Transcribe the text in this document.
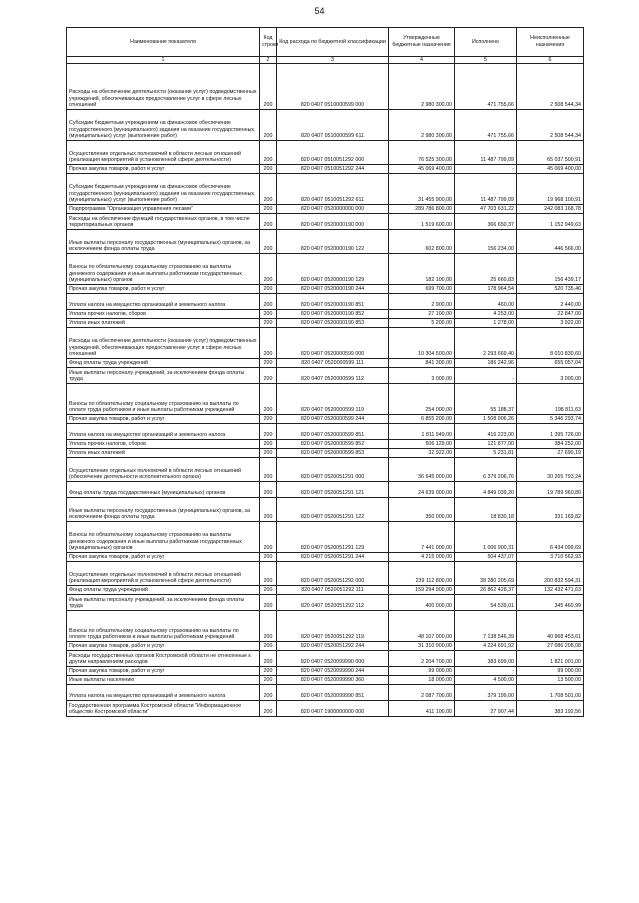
54
Наименование показателя	Код строки	Код расхода по бюджетной классификации	Утвержденные бюджетные назначения	Исполнено	Неисполненные назначения
1	2	3	4	5	6
Расходы на обеспечение деятельности (оказание услуг) подведомственных учреждений, обеспечивающих предоставление услуг в сфере лесных отношений	200	820 0407 0510000599 000	2 980 300,00	471 755,66	2 508 544,34
Субсидии бюджетным учреждениям на финансовое обеспечение государственного (муниципального) задания на оказание государственных (муниципальных) услуг (выполнение работ)	200	820 0407 0510000599 611	2 980 300,00	471 755,66	2 508 544,34
Осуществление отдельных полномочий в области лесных отношений (реализация мероприятий в установленной сфере деятельности)	200	820 0407 0510051292 000	76 525 300,00	11 487 799,09	65 037 500,91
Прочая закупка товаров, работ и услуг	200	820 0407 0510051292 244	45 069 400,00	-	45 069 400,00
Субсидии бюджетным учреждениям на финансовое обеспечение государственного (муниципального) задания на оказание государственных (муниципальных) услуг (выполнение работ)	200	820 0407 0510051292 611	31 455 900,00	11 487 799,09	19 968 100,91
Подпрограмма "Организация управления лесами"	200	820 0407 0520000000 000	289 786 800,00	47 703 631,22	242 083 168,78
Расходы на обеспечение функций государственных органов, в том числе территориальных органов	200	820 0407 0520000190 000	1 519 600,00	366 650,37	1 152 949,63
Иные выплаты персоналу государственных (муниципальных) органов, за исключением фонда оплаты труда	200	820 0407 0520000190 122	602 800,00	156 234,00	446 566,00
Взносы по обязательному социальному страхованию на выплаты денежного содержания и иные выплаты работникам государственных (муниципальных) органов	200	820 0407 0520000190 129	182 100,00	25 660,83	156 439,17
Прочая закупка товаров, работ и услуг	200	820 0407 0520000190 244	699 700,00	178 964,54	520 735,46
Уплата налога на имущество организаций и земельного налога	200	820 0407 0520000190 851	2 900,00	460,00	2 440,00
Уплата прочих налогов, сборов	200	820 0407 0520000190 852	27 100,00	4 253,00	22 847,00
Уплата иных платежей	200	820 0407 0520000190 853	5 200,00	1 278,00	3 922,00
Расходы на обеспечение деятельности (оказание услуг) подведомственных учреждений, обеспечивающих предоставление услуг в сфере лесных отношений	200	820 0407 0520000599 000	10 304 500,00	2 293 669,40	8 010 830,60
Фонд оплаты труда учреждений	200	820 0407 0520000599 111	841 300,00	186 242,96	655 057,04
Иные выплаты персоналу учреждений, за исключением фонда оплаты труда	200	820 0407 0520000599 112	3 000,00	-	3 000,00
Взносы по обязательному социальному страхованию на выплаты по оплате труда работников и иные выплаты работникам учреждений	200	820 0407 0520000599 119	254 000,00	55 188,37	198 811,63
Прочая закупка товаров, работ и услуг	200	820 0407 0520000599 244	6 855 200,00	1 508 906,26	5 346 293,74
Уплата налога на имущество организаций и земельного налога	200	820 0407 0520000599 851	1 811 949,00	416 223,00	1 395 726,00
Уплата прочих налогов, сборов	200	820 0407 0520000599 852	506 129,00	121 877,00	384 252,00
Уплата иных платежей	200	820 0407 0520000599 853	32 922,00	5 231,81	27 690,19
Осуществление отдельных полномочий в области лесных отношений (обеспечение деятельности исполнительного органа)	200	820 0407 0520051291 000	36 645 000,00	6 379 206,76	30 265 793,24
Фонд оплаты труда государственных (муниципальных) органов	200	820 0407 0520051291 121	24 639 000,00	4 849 039,20	19 789 960,80
Иные выплаты персоналу государственных (муниципальных) органов, за исключением фонда оплаты труда	200	820 0407 0520051291 122	350 000,00	18 830,18	331 169,82
Взносы по обязательному социальному страхованию на выплаты денежного содержания и иные выплаты работникам государственных (муниципальных) органов	200	820 0407 0520051291 129	7 441 000,00	1 006 900,31	6 434 099,69
Прочая закупка товаров, работ и услуг	200	820 0407 0520051291 244	4 215 000,00	504 437,07	3 710 562,93
Осуществление отдельных полномочий в области лесных отношений (реализация мероприятий в установленной сфере деятельности)	200	820 0407 0520051292 000	239 112 800,00	38 280 205,69	200 832 594,31
Фонд оплаты труда учреждений	200	820 0407 0520051292 111	159 294 900,00	26 862 428,37	132 432 471,63
Иные выплаты персоналу учреждений, за исключением фонда оплаты труда	200	820 0407 0520051292 112	400 000,00	54 539,01	345 460,99
Взносы по обязательному социальному страхованию на выплаты по оплате труда работников и иные выплаты работникам учреждений	200	820 0407 0520051292 119	48 107 000,00	7 138 546,39	40 968 453,61
Прочая закупка товаров, работ и услуг	200	820 0407 0520051292 244	31 310 900,00	4 224 691,92	27 086 208,08
Расходы государственных органов Костромской области не отнесенные к другим направлениям расходов	200	820 0407 0520099990 000	2 204 700,00	383 699,00	1 821 001,00
Прочая закупка товаров, работ и услуг	200	820 0407 0520099990 244	99 000,00	-	99 000,00
Иные выплаты населению	200	820 0407 0520099990 360	18 000,00	4 500,00	13 500,00
Уплата налога на имущество организаций и земельного налога	200	820 0407 0520099990 851	2 087 700,00	379 199,00	1 708 501,00
Государственная программа Костромской области "Информационное общество Костромской области"	200	820 0407 1900000000 000	411 100,00	27 907,44	383 192,56
